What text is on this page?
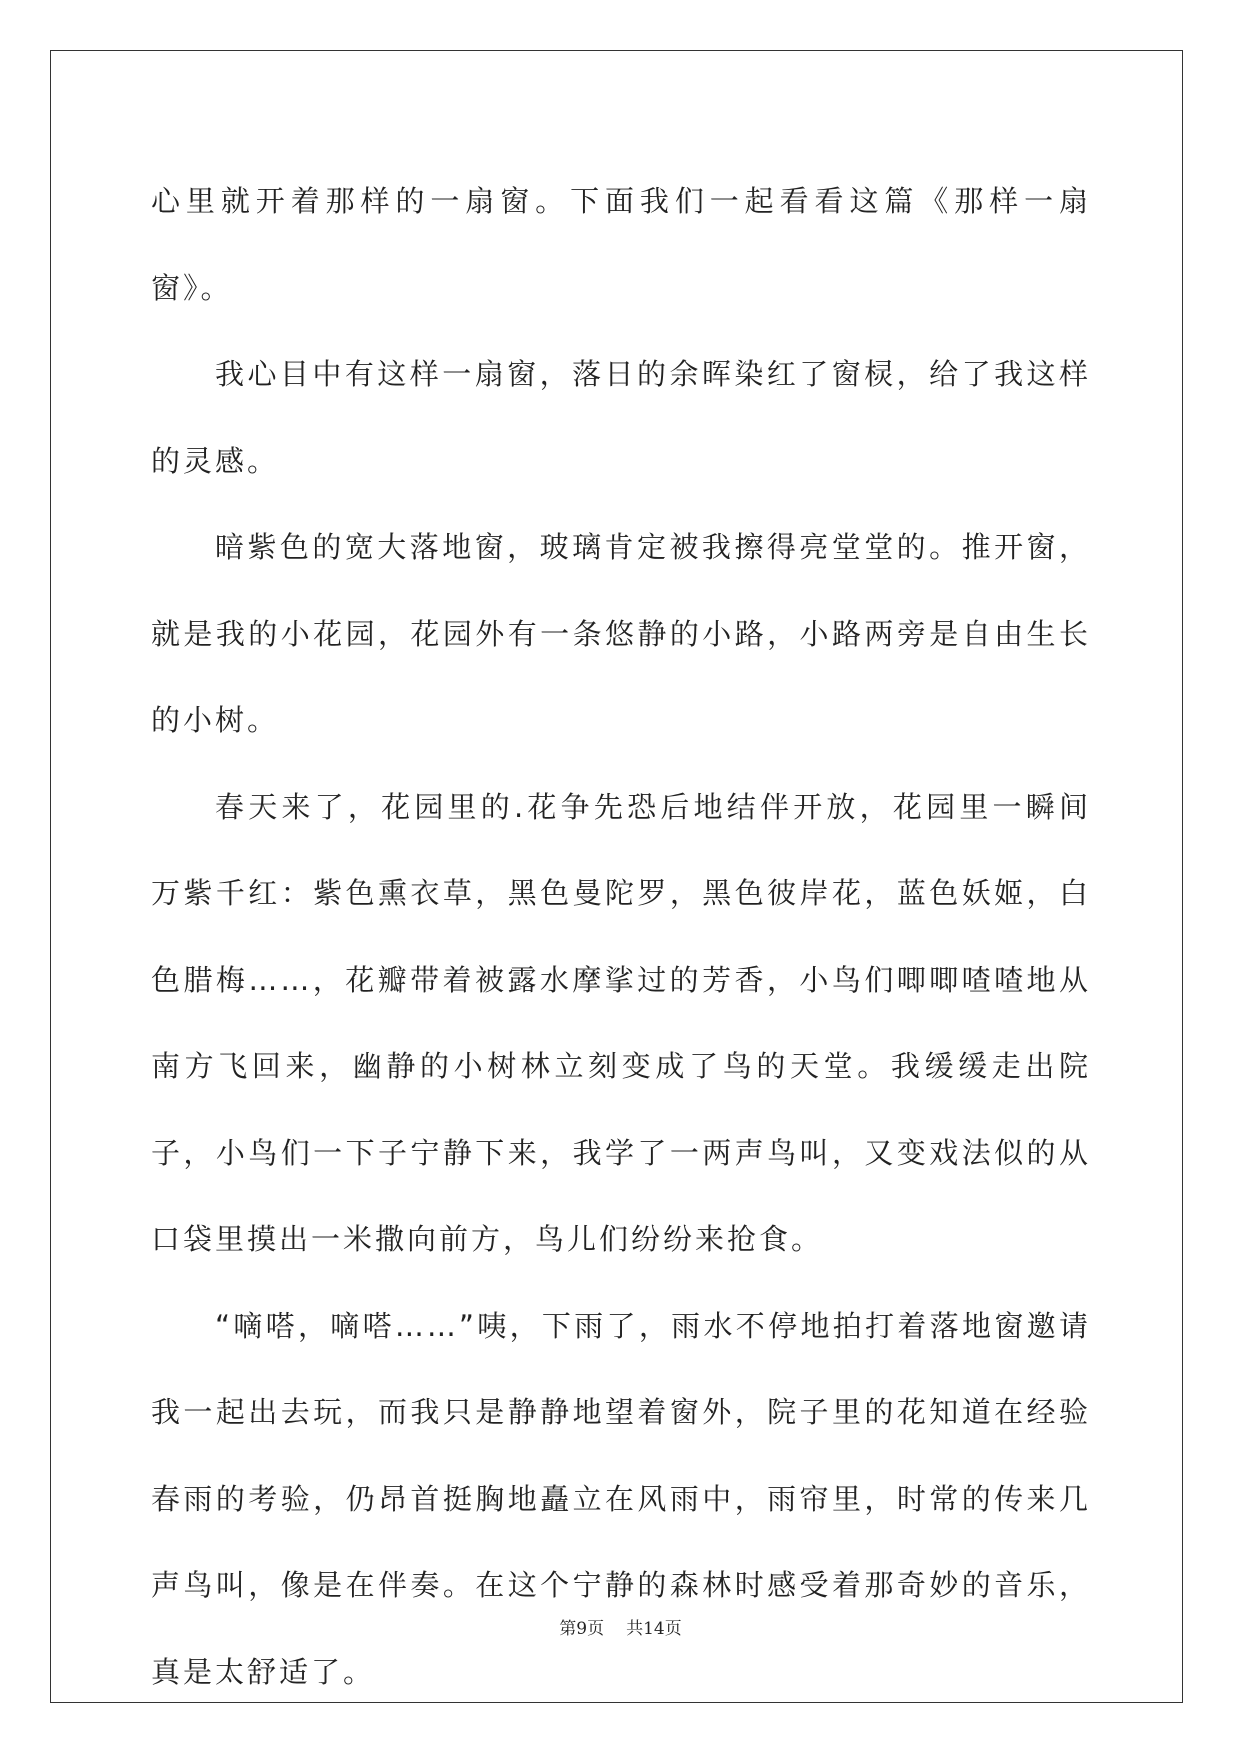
心里就开着那样的一扇窗。下面我们一起看看这篇《那样一扇窗》。

我心目中有这样一扇窗，落日的余晖染红了窗棂，给了我这样的灵感。

暗紫色的宽大落地窗，玻璃肯定被我擦得亮堂堂的。推开窗，就是我的小花园，花园外有一条悠静的小路，小路两旁是自由生长的小树。

春天来了，花园里的.花争先恐后地结伴开放，花园里一瞬间万紫千红：紫色熏衣草，黑色曼陀罗，黑色彼岸花，蓝色妖姬，白色腊梅……，花瓣带着被露水摩挲过的芳香，小鸟们唧唧喳喳地从南方飞回来，幽静的小树林立刻变成了鸟的天堂。我缓缓走出院子，小鸟们一下子宁静下来，我学了一两声鸟叫，又变戏法似的从口袋里摸出一米撒向前方，鸟儿们纷纷来抢食。

“嘀嗒，嘀嗒……”咦，下雨了，雨水不停地拍打着落地窗邀请我一起出去玩，而我只是静静地望着窗外，院子里的花知道在经验春雨的考验，仍昂首挺胸地矗立在风雨中，雨帘里，时常的传来几声鸟叫，像是在伴奏。在这个宁静的森林时感受着那奇妙的音乐，真是太舒适了。

第9页 共14页
